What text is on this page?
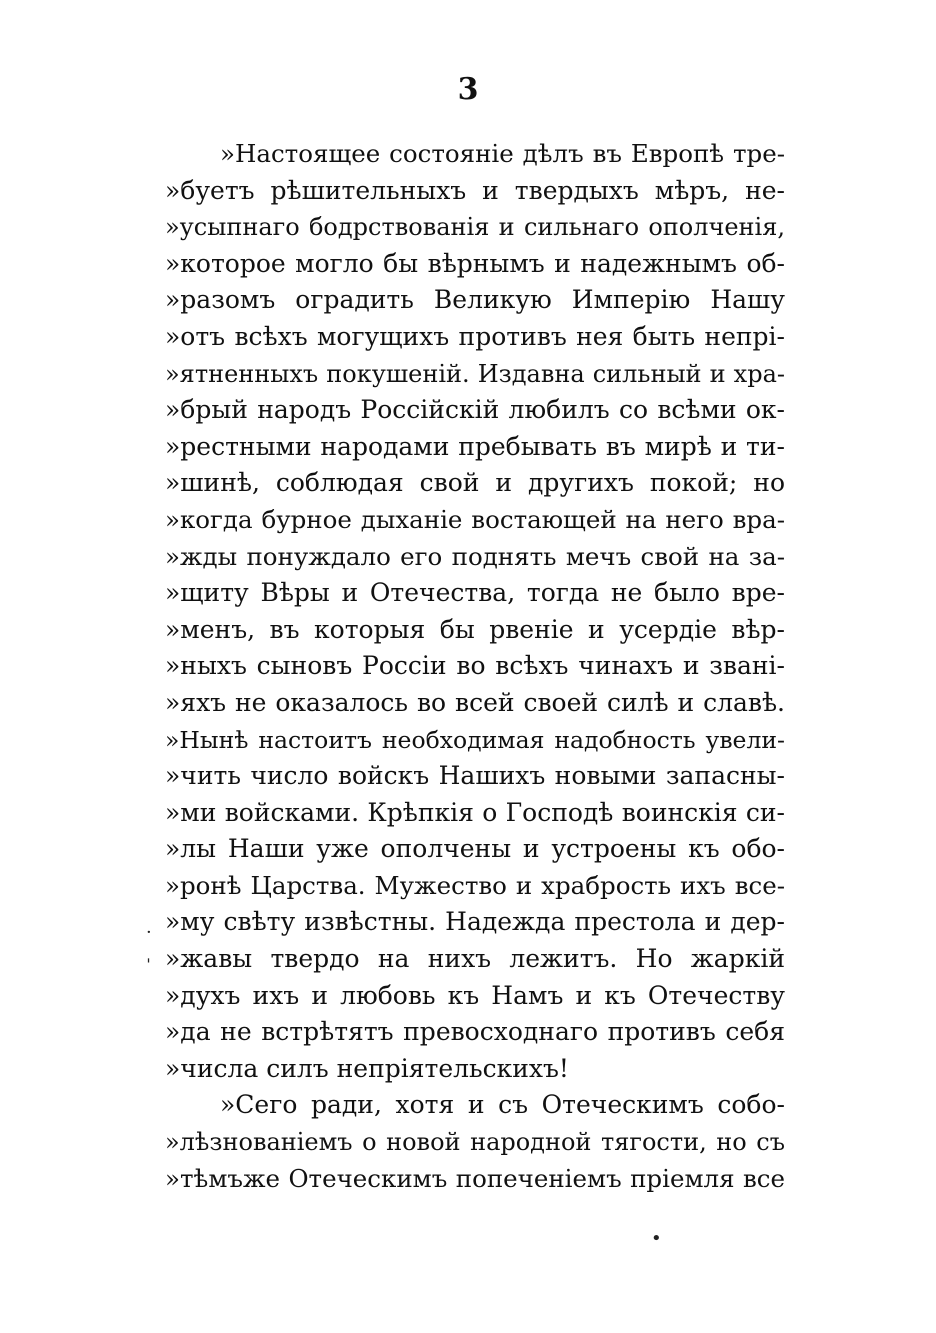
3
»Настоящее состоянie дѣлъ въ Европѣ тре-
»буетъ рѣшительныхъ и твердыхъ мѣръ, не-
»усыпнаго бодрствованія и сильнаго ополченія,
»которое могло бы вѣрнымъ и надежнымъ об-
»разомъ оградить Великую Имперію Нашу
»отъ всѣхъ могущихъ противъ нея быть непрі-
»ятненныхъ покушеній. Издавна сильный и хра-
»брый народъ Россійскій любилъ со всѣми ок-
»рестными народами пребывать въ мирѣ и ти-
»шинѣ, соблюдая свой и другихъ покой; но
»когда бурное дыханіе востающей на него вра-
»жды понуждало его поднять мечъ свой на за-
»щиту Вѣры и Отечества, тогда не было вре-
»менъ, въ которыя бы рвеніе и усердіе вѣр-
»ныхъ сыновъ Россіи во всѣхъ чинахъ и звані-
»яхъ не оказалось во всей своей силѣ и славѣ.
»Нынѣ настоитъ необходимая надобность увели-
»чить число войскъ Нашихъ новыми запасны-
»ми войсками. Крѣпкія о Господѣ воинскія си-
»лы Наши уже ополчены и устроены къ обо-
»ронѣ Царства. Мужество и храбрость ихъ все-
»му свѣту извѣстны. Надежда престола и дер-
»жавы твердо на нихъ лежитъ. Но жаркій
»духъ ихъ и любовь къ Намъ и къ Отечеству
»да не встрѣтятъ превосходнаго противъ себя
»числа силъ непріятельскихъ!
»Сего ради, хотя и съ Отеческимъ собо-
»лѣзнованіемъ о новой народной тягости, но съ
»тѣмъже Отеческимъ попеченіемъ пріемля все
·
ˈ
•
